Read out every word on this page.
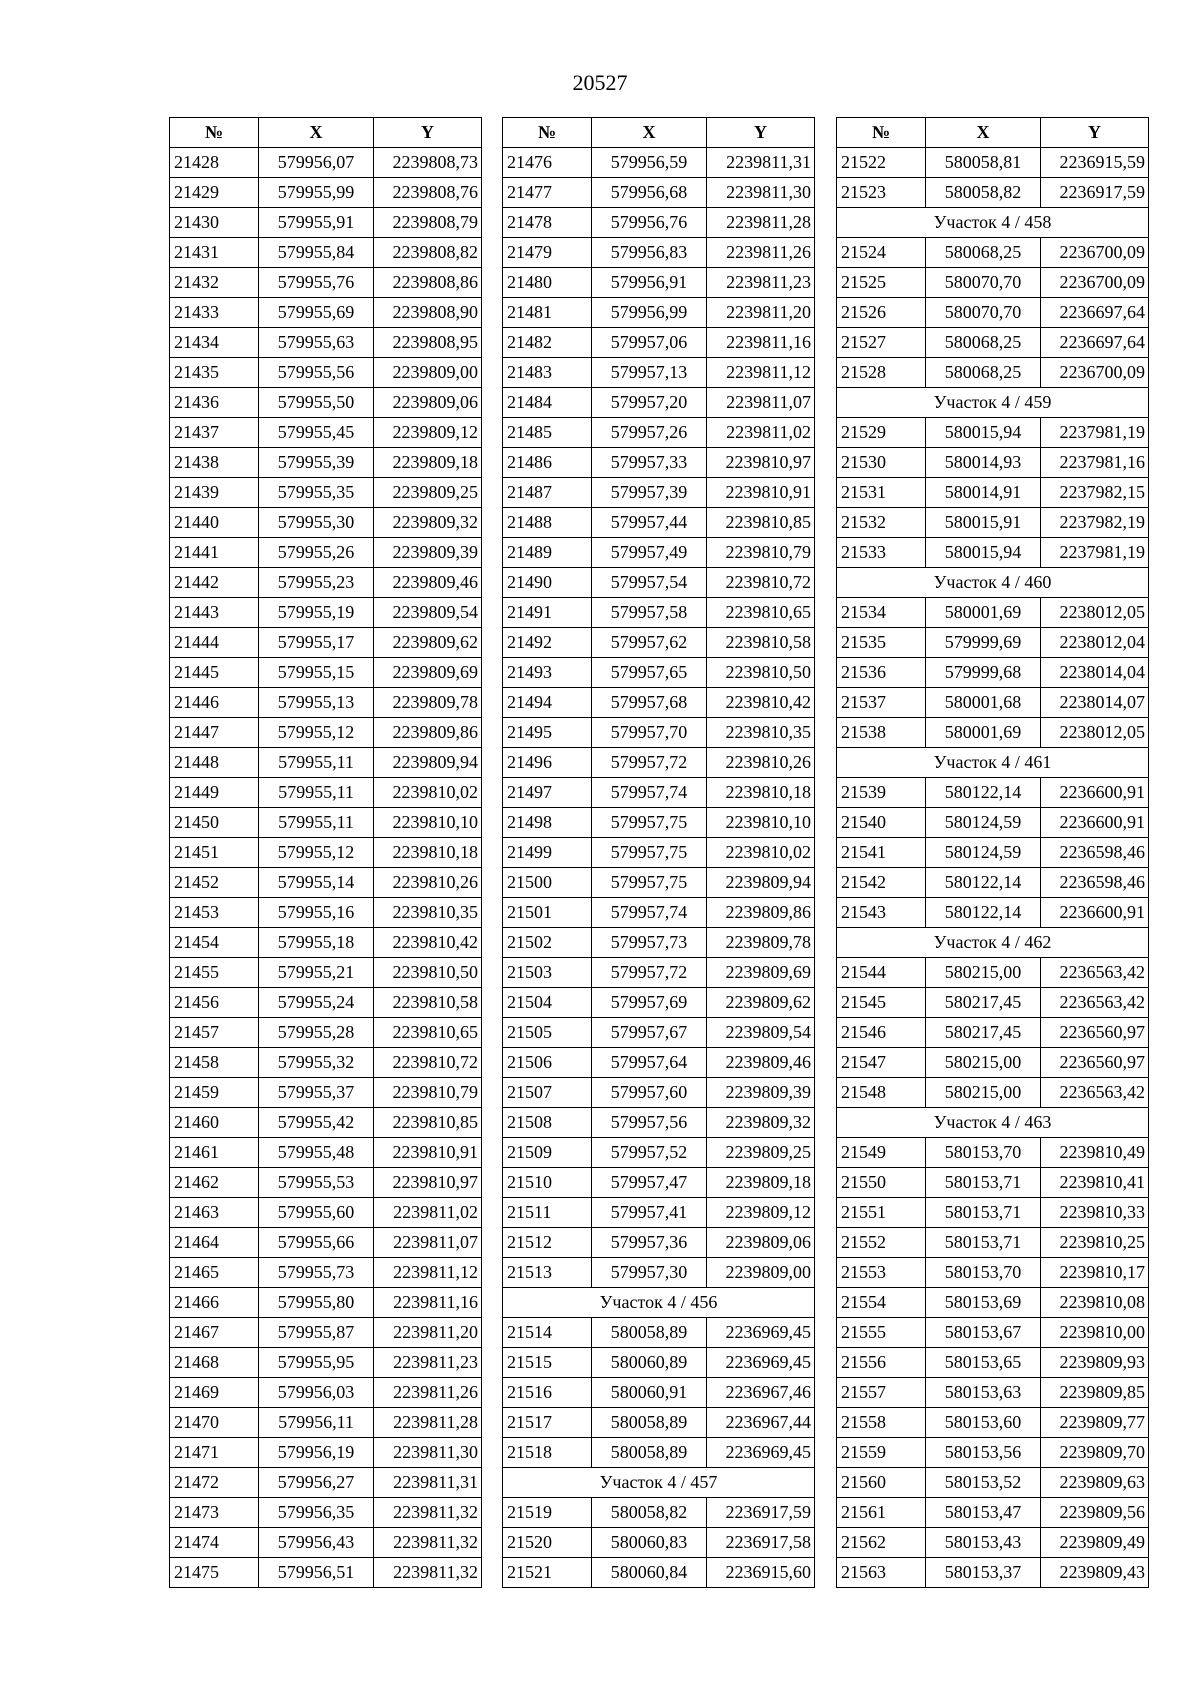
20527
№	X	Y
21428	579956,07	2239808,73
21429	579955,99	2239808,76
21430	579955,91	2239808,79
21431	579955,84	2239808,82
21432	579955,76	2239808,86
21433	579955,69	2239808,90
21434	579955,63	2239808,95
21435	579955,56	2239809,00
21436	579955,50	2239809,06
21437	579955,45	2239809,12
21438	579955,39	2239809,18
21439	579955,35	2239809,25
21440	579955,30	2239809,32
21441	579955,26	2239809,39
21442	579955,23	2239809,46
21443	579955,19	2239809,54
21444	579955,17	2239809,62
21445	579955,15	2239809,69
21446	579955,13	2239809,78
21447	579955,12	2239809,86
21448	579955,11	2239809,94
21449	579955,11	2239810,02
21450	579955,11	2239810,10
21451	579955,12	2239810,18
21452	579955,14	2239810,26
21453	579955,16	2239810,35
21454	579955,18	2239810,42
21455	579955,21	2239810,50
21456	579955,24	2239810,58
21457	579955,28	2239810,65
21458	579955,32	2239810,72
21459	579955,37	2239810,79
21460	579955,42	2239810,85
21461	579955,48	2239810,91
21462	579955,53	2239810,97
21463	579955,60	2239811,02
21464	579955,66	2239811,07
21465	579955,73	2239811,12
21466	579955,80	2239811,16
21467	579955,87	2239811,20
21468	579955,95	2239811,23
21469	579956,03	2239811,26
21470	579956,11	2239811,28
21471	579956,19	2239811,30
21472	579956,27	2239811,31
21473	579956,35	2239811,32
21474	579956,43	2239811,32
21475	579956,51	2239811,32
№	X	Y
21476	579956,59	2239811,31
21477	579956,68	2239811,30
21478	579956,76	2239811,28
21479	579956,83	2239811,26
21480	579956,91	2239811,23
21481	579956,99	2239811,20
21482	579957,06	2239811,16
21483	579957,13	2239811,12
21484	579957,20	2239811,07
21485	579957,26	2239811,02
21486	579957,33	2239810,97
21487	579957,39	2239810,91
21488	579957,44	2239810,85
21489	579957,49	2239810,79
21490	579957,54	2239810,72
21491	579957,58	2239810,65
21492	579957,62	2239810,58
21493	579957,65	2239810,50
21494	579957,68	2239810,42
21495	579957,70	2239810,35
21496	579957,72	2239810,26
21497	579957,74	2239810,18
21498	579957,75	2239810,10
21499	579957,75	2239810,02
21500	579957,75	2239809,94
21501	579957,74	2239809,86
21502	579957,73	2239809,78
21503	579957,72	2239809,69
21504	579957,69	2239809,62
21505	579957,67	2239809,54
21506	579957,64	2239809,46
21507	579957,60	2239809,39
21508	579957,56	2239809,32
21509	579957,52	2239809,25
21510	579957,47	2239809,18
21511	579957,41	2239809,12
21512	579957,36	2239809,06
21513	579957,30	2239809,00
Участок 4 / 456		
21514	580058,89	2236969,45
21515	580060,89	2236969,45
21516	580060,91	2236967,46
21517	580058,89	2236967,44
21518	580058,89	2236969,45
Участок 4 / 457		
21519	580058,82	2236917,59
21520	580060,83	2236917,58
21521	580060,84	2236915,60
№	X	Y
21522	580058,81	2236915,59
21523	580058,82	2236917,59
Участок 4 / 458		
21524	580068,25	2236700,09
21525	580070,70	2236700,09
21526	580070,70	2236697,64
21527	580068,25	2236697,64
21528	580068,25	2236700,09
Участок 4 / 459		
21529	580015,94	2237981,19
21530	580014,93	2237981,16
21531	580014,91	2237982,15
21532	580015,91	2237982,19
21533	580015,94	2237981,19
Участок 4 / 460		
21534	580001,69	2238012,05
21535	579999,69	2238012,04
21536	579999,68	2238014,04
21537	580001,68	2238014,07
21538	580001,69	2238012,05
Участок 4 / 461		
21539	580122,14	2236600,91
21540	580124,59	2236600,91
21541	580124,59	2236598,46
21542	580122,14	2236598,46
21543	580122,14	2236600,91
Участок 4 / 462		
21544	580215,00	2236563,42
21545	580217,45	2236563,42
21546	580217,45	2236560,97
21547	580215,00	2236560,97
21548	580215,00	2236563,42
Участок 4 / 463		
21549	580153,70	2239810,49
21550	580153,71	2239810,41
21551	580153,71	2239810,33
21552	580153,71	2239810,25
21553	580153,70	2239810,17
21554	580153,69	2239810,08
21555	580153,67	2239810,00
21556	580153,65	2239809,93
21557	580153,63	2239809,85
21558	580153,60	2239809,77
21559	580153,56	2239809,70
21560	580153,52	2239809,63
21561	580153,47	2239809,56
21562	580153,43	2239809,49
21563	580153,37	2239809,43
